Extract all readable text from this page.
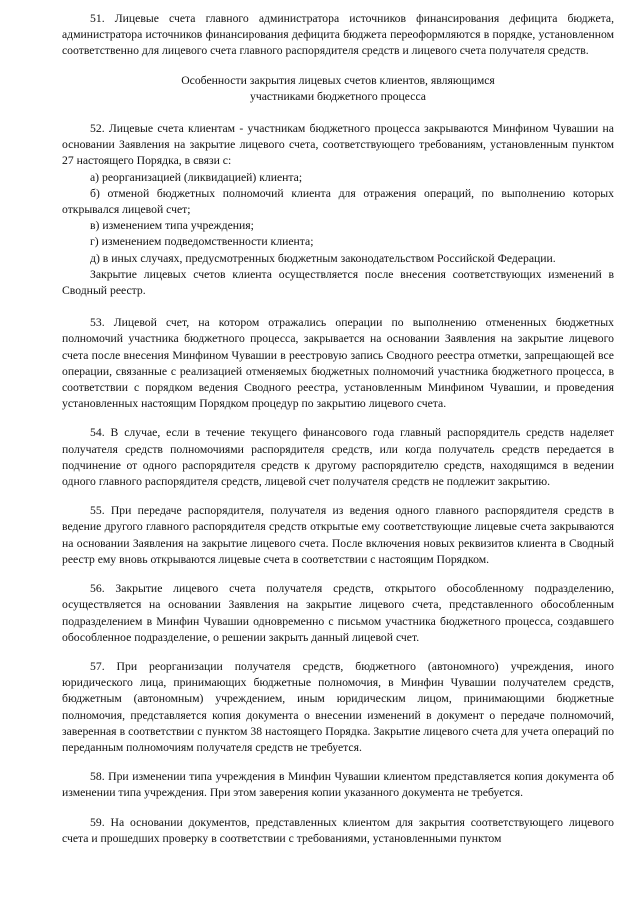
51. Лицевые счета главного администратора источников финансирования дефицита бюджета, администратора источников финансирования дефицита бюджета переоформляются в порядке, установленном соответственно для лицевого счета главного распорядителя средств и лицевого счета получателя средств.

Особенности закрытия лицевых счетов клиентов, являющимся
участниками бюджетного процесса

52. Лицевые счета клиентам - участникам бюджетного процесса закрываются Минфином Чувашии на основании Заявления на закрытие лицевого счета, соответствующего требованиям, установленным пунктом 27 настоящего Порядка, в связи с:

а) реорганизацией (ликвидацией) клиента;

б) отменой бюджетных полномочий клиента для отражения операций, по выполнению которых открывался лицевой счет;

в) изменением типа учреждения;

г) изменением подведомственности клиента;

д) в иных случаях, предусмотренных бюджетным законодательством Российской Федерации.

Закрытие лицевых счетов клиента осуществляется после внесения соответствующих изменений в Сводный реестр.

53. Лицевой счет, на котором отражались операции по выполнению отмененных бюджетных полномочий участника бюджетного процесса, закрывается на основании Заявления на закрытие лицевого счета после внесения Минфином Чувашии в реестровую запись Сводного реестра отметки, запрещающей все операции, связанные с реализацией отменяемых бюджетных полномочий участника бюджетного процесса, в соответствии с порядком ведения Сводного реестра, установленным Минфином Чувашии, и проведения установленных настоящим Порядком процедур по закрытию лицевого счета.

54. В случае, если в течение текущего финансового года главный распорядитель средств наделяет получателя средств полномочиями распорядителя средств, или когда получатель средств передается в подчинение от одного распорядителя средств к другому распорядителю средств, находящимся в ведении одного главного распорядителя средств, лицевой счет получателя средств не подлежит закрытию.

55. При передаче распорядителя, получателя из ведения одного главного распорядителя средств в ведение другого главного распорядителя средств открытые ему соответствующие лицевые счета закрываются на основании Заявления на закрытие лицевого счета. После включения новых реквизитов клиента в Сводный реестр ему вновь открываются лицевые счета в соответствии с настоящим Порядком.

56. Закрытие лицевого счета получателя средств, открытого обособленному подразделению, осуществляется на основании Заявления на закрытие лицевого счета, представленного обособленным подразделением в Минфин Чувашии одновременно с письмом участника бюджетного процесса, создавшего обособленное подразделение, о решении закрыть данный лицевой счет.

57. При реорганизации получателя средств, бюджетного (автономного) учреждения, иного юридического лица, принимающих бюджетные полномочия, в Минфин Чувашии получателем средств, бюджетным (автономным) учреждением, иным юридическим лицом, принимающими бюджетные полномочия, представляется копия документа о внесении изменений в документ о передаче полномочий, заверенная в соответствии с пунктом 38 настоящего Порядка. Закрытие лицевого счета для учета операций по переданным полномочиям получателя средств не требуется.

58. При изменении типа учреждения в Минфин Чувашии клиентом представляется копия документа об изменении типа учреждения. При этом заверения копии указанного документа не требуется.

59. На основании документов, представленных клиентом для закрытия соответствующего лицевого счета и прошедших проверку в соответствии с требованиями, установленными пунктом
